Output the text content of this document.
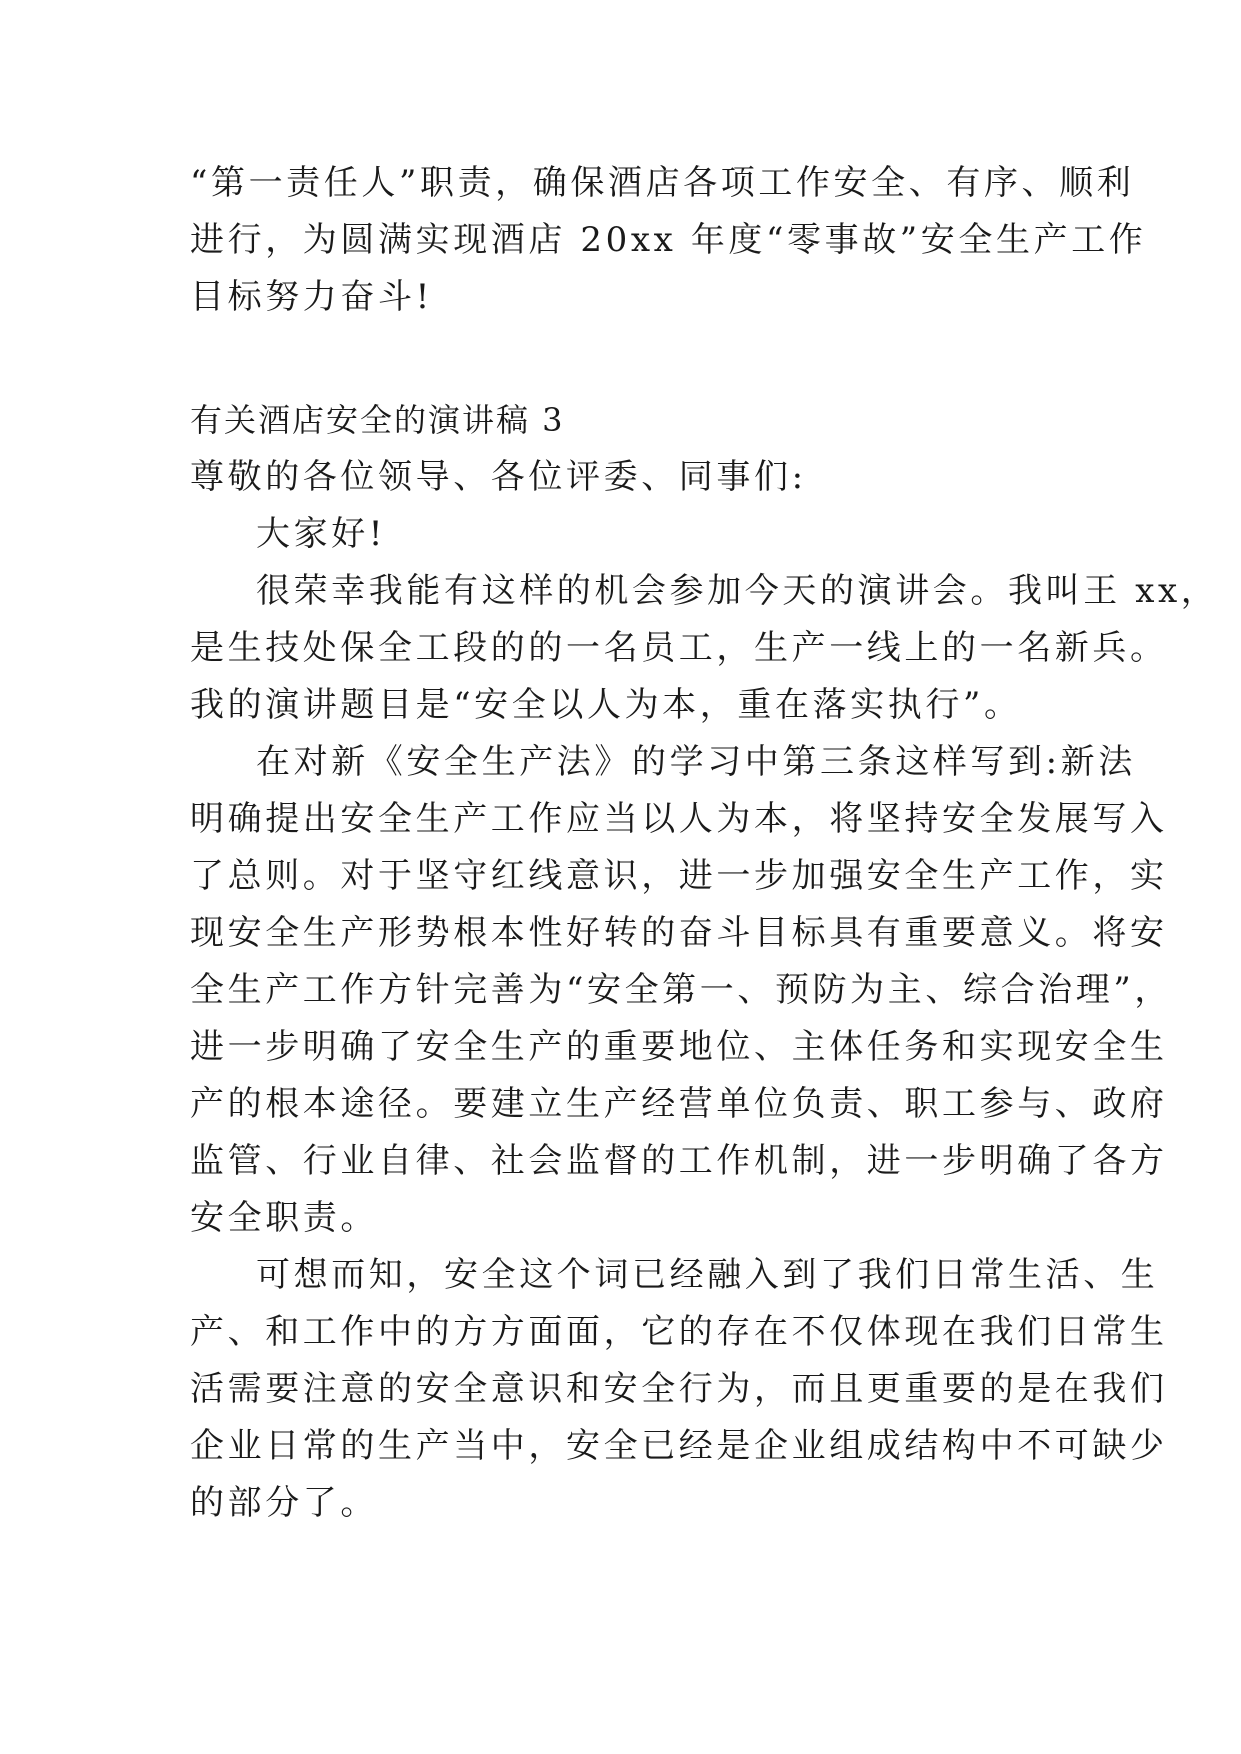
“第一责任人”职责，确保酒店各项工作安全、有序、顺利
进行，为圆满实现酒店 20xx 年度“零事故”安全生产工作
目标努力奋斗!
有关酒店安全的演讲稿 3
尊敬的各位领导、各位评委、同事们:
大家好!
很荣幸我能有这样的机会参加今天的演讲会。我叫王 xx，
是生技处保全工段的的一名员工，生产一线上的一名新兵。
我的演讲题目是“安全以人为本，重在落实执行”。
在对新《安全生产法》的学习中第三条这样写到:新法
明确提出安全生产工作应当以人为本，将坚持安全发展写入
了总则。对于坚守红线意识，进一步加强安全生产工作，实
现安全生产形势根本性好转的奋斗目标具有重要意义。将安
全生产工作方针完善为“安全第一、预防为主、综合治理”，
进一步明确了安全生产的重要地位、主体任务和实现安全生
产的根本途径。要建立生产经营单位负责、职工参与、政府
监管、行业自律、社会监督的工作机制，进一步明确了各方
安全职责。
可想而知，安全这个词已经融入到了我们日常生活、生
产、和工作中的方方面面，它的存在不仅体现在我们日常生
活需要注意的安全意识和安全行为，而且更重要的是在我们
企业日常的生产当中，安全已经是企业组成结构中不可缺少
的部分了。
